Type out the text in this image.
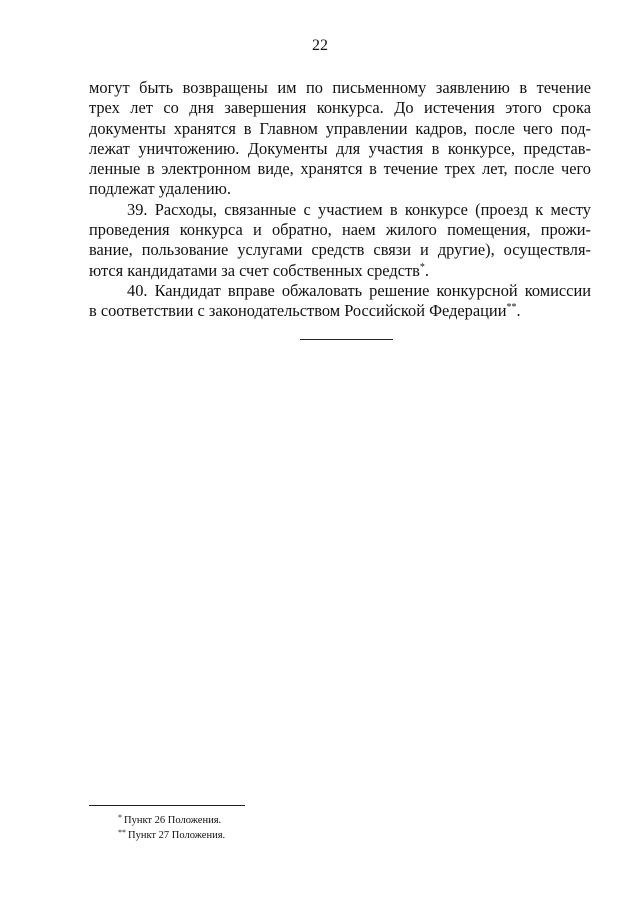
22

могут быть возвращены им по письменному заявлению в течение
трех лет со дня завершения конкурса. До истечения этого срока
документы хранятся в Главном управлении кадров, после чего под-
лежат уничтожению. Документы для участия в конкурсе, представ-
ленные в электронном виде, хранятся в течение трех лет, после чего
подлежат удалению.

39. Расходы, связанные с участием в конкурсе (проезд к месту
проведения конкурса и обратно, наем жилого помещения, прожи-
вание, пользование услугами средств связи и другие), осуществля-
ются кандидатами за счет собственных средств*.

40. Кандидат вправе обжаловать решение конкурсной комиссии
в соответствии с законодательством Российской Федерации**.

* Пункт 26 Положения.
** Пункт 27 Положения.
